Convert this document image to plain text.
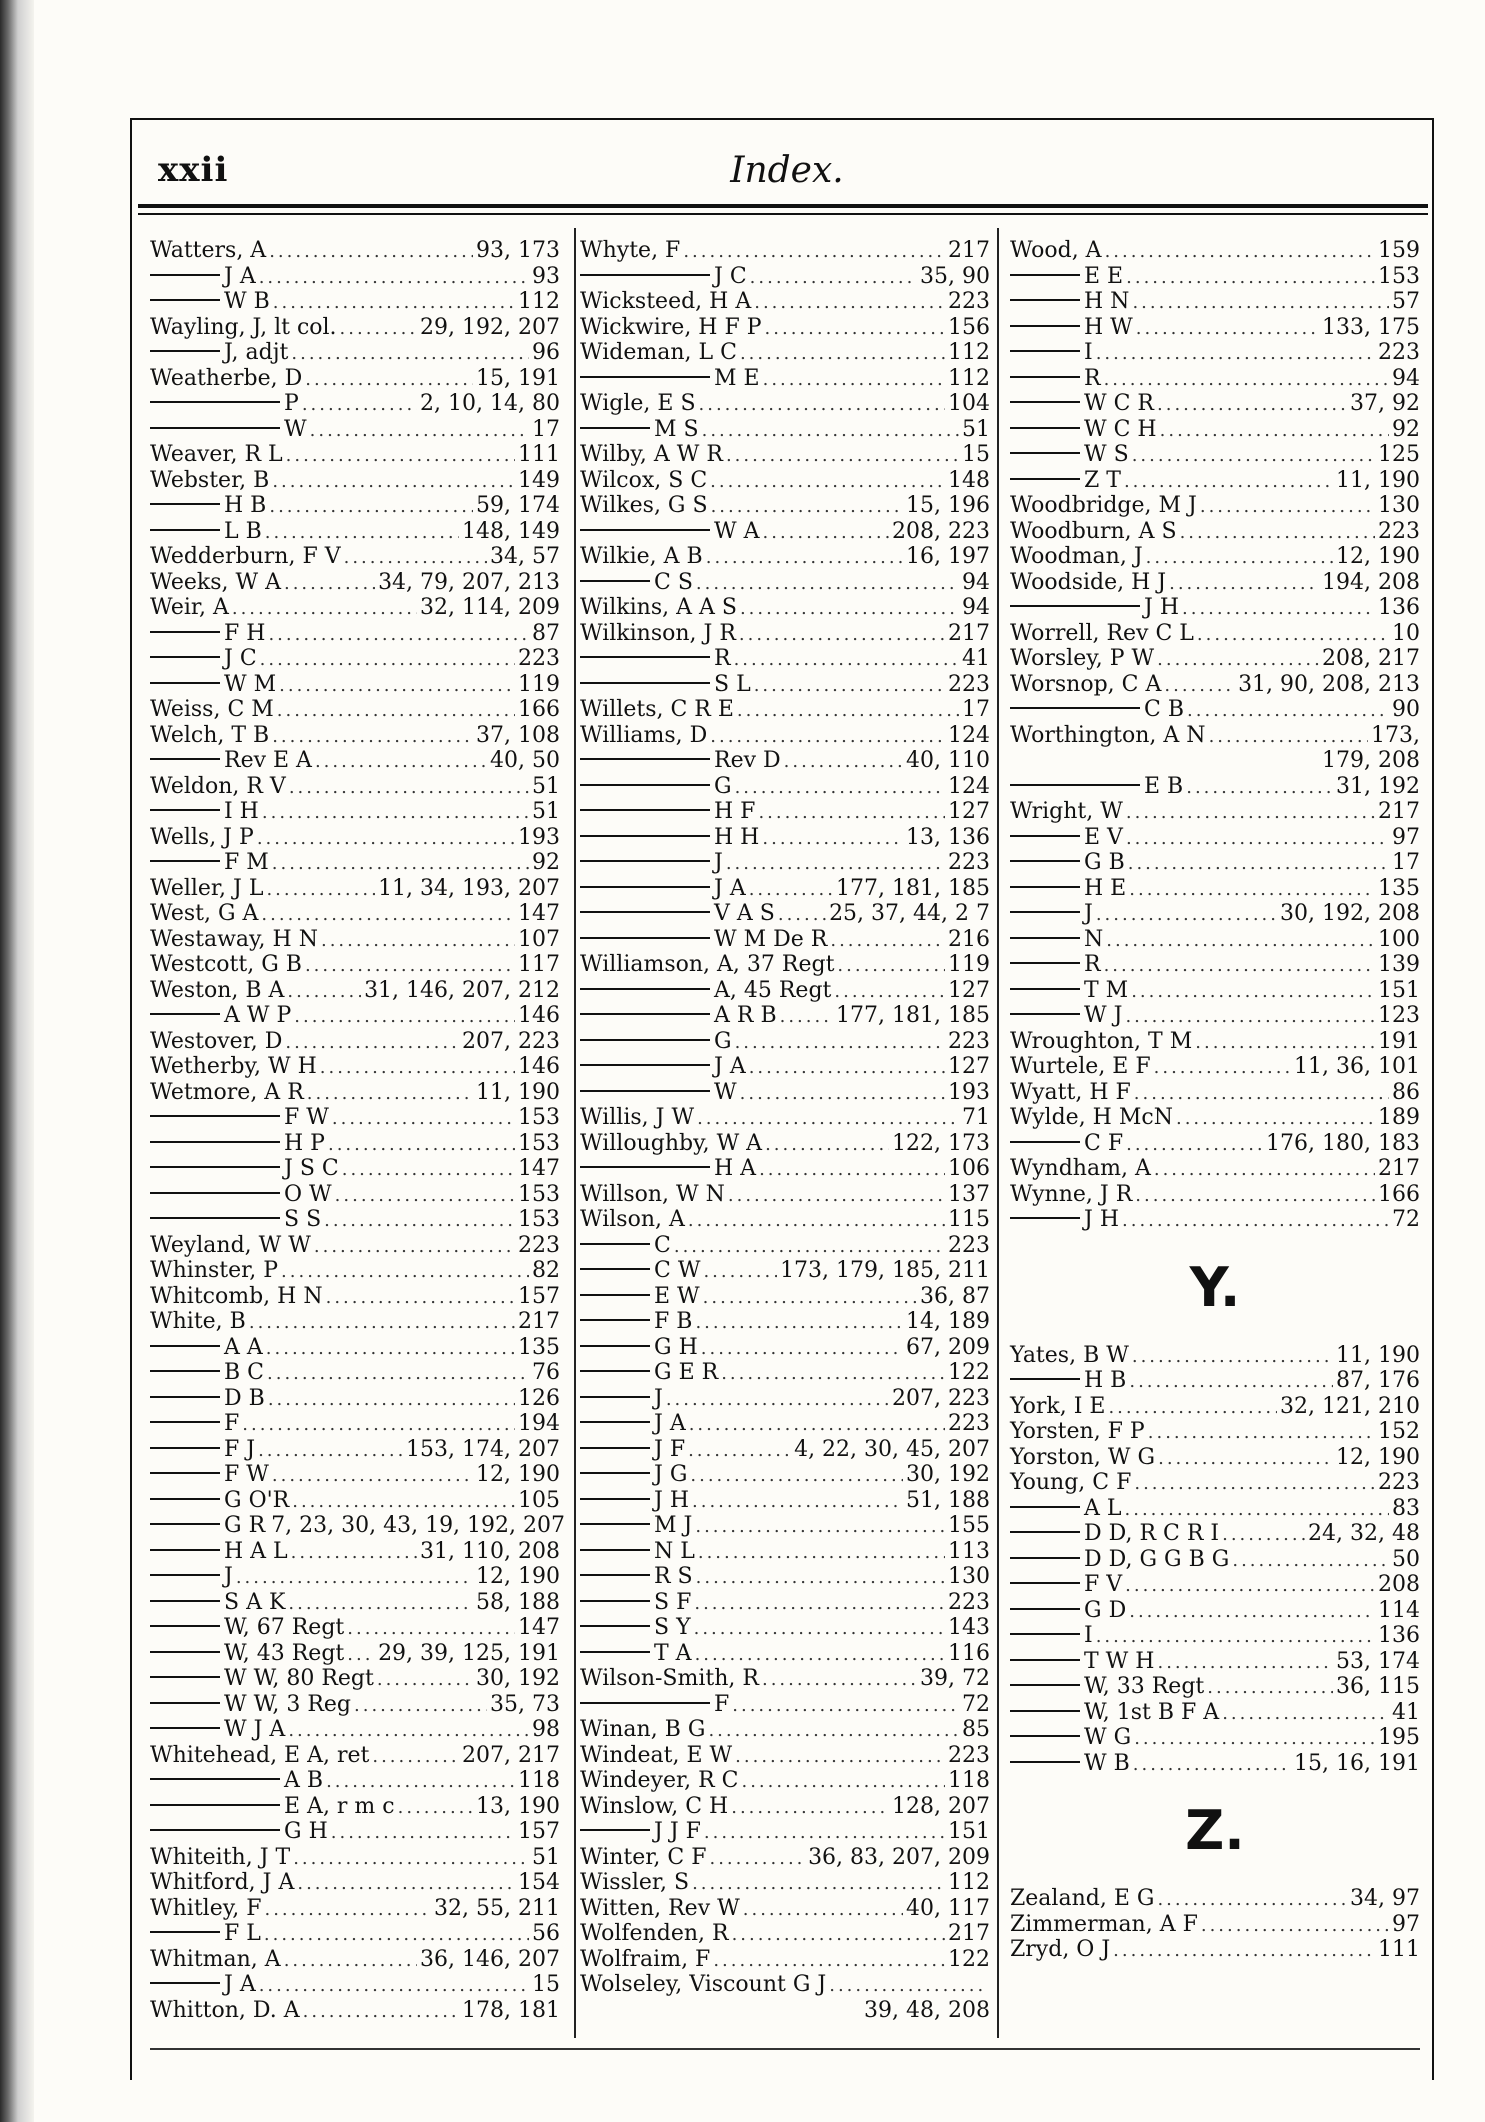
xxii	Index.
Watters, A .....	93, 173
J A .....	93
W B .....	112
Wayling, J, lt col. .....	29, 192, 207
J, adjt .....	96
Weatherbe, D .....	15, 191
P .....	2, 10, 14, 80
W .....	17
Weaver, R L .....	111
Webster, B .....	149
H B .....	59, 174
L B .....	148, 149
Wedderburn, F V .....	34, 57
Weeks, W A .....	34, 79, 207, 213
Weir, A .....	32, 114, 209
F H .....	87
J C .....	223
W M .....	119
Weiss, C M .....	166
Welch, T B .....	37, 108
Rev E A .....	40, 50
Weldon, R V .....	51
I H .....	51
Wells, J P .....	193
F M .....	92
Weller, J L .....	11, 34, 193, 207
West, G A .....	147
Westaway, H N .....	107
Westcott, G B .....	117
Weston, B A .....	31, 146, 207, 212
A W P .....	146
Westover, D .....	207, 223
Wetherby, W H .....	146
Wetmore, A R .....	11, 190
F W .....	153
H P .....	153
J S C .....	147
O W .....	153
S S .....	153
Weyland, W W .....	223
Whinster, P .....	82
Whitcomb, H N .....	157
White, B .....	217
A A .....	135
B C .....	76
D B .....	126
F .....	194
F J .....	153, 174, 207
F W .....	12, 190
G O'R .....	105
G R 7, 23, 30, 43, 19, 192, 207
H A L .....	31, 110, 208
J .....	12, 190
S A K .....	58, 188
W, 67 Regt .....	147
W, 43 Regt ..... 29, 39, 125, 191
W W, 80 Regt .....	30, 192
W W, 3 Reg .....	35, 73
W J A .....	98
Whitehead, E A, ret .....	207, 217
A B .....	118
E A, r m c .....	13, 190
G H .....	157
Whiteith, J T .....	51
Whitford, J A .....	154
Whitley, F .....	32, 55, 211
F L .....	56
Whitman, A .....	36, 146, 207
J A .....	15
Whitton, D. A .....	178, 181
Whyte, F .....	217
J C .....	35, 90
Wicksteed, H A .....	223
Wickwire, H F P .....	156
Wideman, L C .....	112
M E .....	112
Wigle, E S .....	104
M S .....	51
Wilby, A W R .....	15
Wilcox, S C .....	148
Wilkes, G S .....	15, 196
W A .....	208, 223
Wilkie, A B .....	16, 197
C S .....	94
Wilkins, A A S .....	94
Wilkinson, J R .....	217
R .....	41
S L .....	223
Willets, C R E .....	17
Williams, D .....	124
Rev D .....	40, 110
G .....	124
H F .....	127
H H .....	13, 136
J .....	223
J A .....	177, 181, 185
V A S ..... 25, 37, 44, 2 7
W M De R .....	216
Williamson, A, 37 Regt .....	119
A, 45 Regt .....	127
A R B .....	177, 181, 185
G .....	223
J A .....	127
W .....	193
Willis, J W .....	71
Willoughby, W A .....	122, 173
H A .....	106
Willson, W N .....	137
Wilson, A .....	115
C .....	223
C W .....	173, 179, 185, 211
E W .....	36, 87
F B .....	14, 189
G H .....	67, 209
G E R .....	122
J .....	207, 223
J A .....	223
J F .....	4, 22, 30, 45, 207
J G .....	30, 192
J H .....	51, 188
M J .....	155
N L .....	113
R S .....	130
S F .....	223
S Y .....	143
T A .....	116
Wilson-Smith, R .....	39, 72
F .....	72
Winan, B G .....	85
Windeat, E W .....	223
Windeyer, R C .....	118
Winslow, C H .....	128, 207
J J F .....	151
Winter, C F .....	36, 83, 207, 209
Wissler, S .....	112
Witten, Rev W .....	40, 117
Wolfenden, R .....	217
Wolfraim, F .....	122
Wolseley, Viscount G J
.....
39, 48, 208
Wood, A .....	159
E E .....	153
H N .....	57
H W .....	133, 175
I .....	223
R .....	94
W C R .....	37, 92
W C H .....	92
W S .....	125
Z T .....	11, 190
Woodbridge, M J .....	130
Woodburn, A S .....	223
Woodman, J .....	12, 190
Woodside, H J .....	194, 208
J H .....	136
Worrell, Rev C L .....	10
Worsley, P W .....	208, 217
Worsnop, C A .....	31, 90, 208, 213
C B .....	90
Worthington, A N .....	173,
179, 208
E B .....	31, 192
Wright, W .....	217
E V .....	97
G B .....	17
H E .....	135
J .....	30, 192, 208
N .....	100
R .....	139
T M .....	151
W J .....	123
Wroughton, T M .....	191
Wurtele, E F .....	11, 36, 101
Wyatt, H F .....	86
Wylde, H McN .....	189
C F .....	176, 180, 183
Wyndham, A .....	217
Wynne, J R .....	166
J H .....	72
Y.
Yates, B W .....	11, 190
H B .....	87, 176
York, I E .....	32, 121, 210
Yorsten, F P .....	152
Yorston, W G .....	12, 190
Young, C F .....	223
A L .....	83
D D, R C R I .....	24, 32, 48
D D, G G B G .....	50
F V .....	208
G D .....	114
I .....	136
T W H .....	53, 174
W, 33 Regt .....	36, 115
W, 1st B F A .....	41
W G .....	195
W B .....	15, 16, 191
Z.
Zealand, E G .....	34, 97
Zimmerman, A F .....	97
Zryd, O J .....	111
